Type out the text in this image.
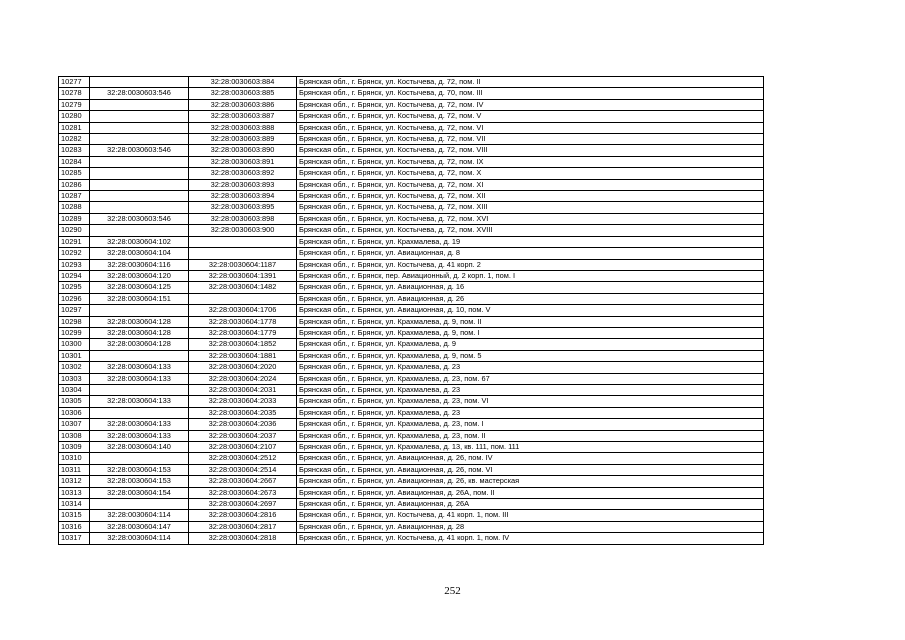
10277		32:28:0030603:884	Брянская обл., г. Брянск, ул. Костычева, д. 72, пом. II
10278	32:28:0030603:546	32:28:0030603:885	Брянская обл., г. Брянск, ул. Костычева, д. 70, пом. III
10279		32:28:0030603:886	Брянская обл., г. Брянск, ул. Костычева, д. 72, пом. IV
10280		32:28:0030603:887	Брянская обл., г. Брянск, ул. Костычева, д. 72, пом. V
10281		32:28:0030603:888	Брянская обл., г. Брянск, ул. Костычева, д. 72, пом. VI
10282		32:28:0030603:889	Брянская обл., г. Брянск, ул. Костычева, д. 72, пом. VII
10283	32:28:0030603:546	32:28:0030603:890	Брянская обл., г. Брянск, ул. Костычева, д. 72, пом. VIII
10284		32:28:0030603:891	Брянская обл., г. Брянск, ул. Костычева, д. 72, пом. IX
10285		32:28:0030603:892	Брянская обл., г. Брянск, ул. Костычева, д. 72, пом. X
10286		32:28:0030603:893	Брянская обл., г. Брянск, ул. Костычева, д. 72, пом. XI
10287		32:28:0030603:894	Брянская обл., г. Брянск, ул. Костычева, д. 72, пом. XII
10288		32:28:0030603:895	Брянская обл., г. Брянск, ул. Костычева, д. 72, пом. XIII
10289	32:28:0030603:546	32:28:0030603:898	Брянская обл., г. Брянск, ул. Костычева, д. 72, пом. XVI
10290		32:28:0030603:900	Брянская обл., г. Брянск, ул. Костычева, д. 72, пом. XVIII
10291	32:28:0030604:102		Брянская обл., г. Брянск, ул. Крахмалева, д. 19
10292	32:28:0030604:104		Брянская обл., г. Брянск, ул. Авиационная, д. 8
10293	32:28:0030604:116	32:28:0030604:1187	Брянская обл., г. Брянск, ул. Костычева, д. 41 корп. 2
10294	32:28:0030604:120	32:28:0030604:1391	Брянская обл., г. Брянск, пер. Авиационный, д. 2 корп. 1, пом. I
10295	32:28:0030604:125	32:28:0030604:1482	Брянская обл., г. Брянск, ул. Авиационная, д. 16
10296	32:28:0030604:151		Брянская обл., г. Брянск, ул. Авиационная, д. 26
10297		32:28:0030604:1706	Брянская обл., г. Брянск, ул. Авиационная, д. 10, пом. V
10298	32:28:0030604:128	32:28:0030604:1778	Брянская обл., г. Брянск, ул. Крахмалева, д. 9, пом. II
10299	32:28:0030604:128	32:28:0030604:1779	Брянская обл., г. Брянск, ул. Крахмалева, д. 9, пом. I
10300	32:28:0030604:128	32:28:0030604:1852	Брянская обл., г. Брянск, ул. Крахмалева, д. 9
10301		32:28:0030604:1881	Брянская обл., г. Брянск, ул. Крахмалева, д. 9, пом. 5
10302	32:28:0030604:133	32:28:0030604:2020	Брянская обл., г. Брянск, ул. Крахмалева, д. 23
10303	32:28:0030604:133	32:28:0030604:2024	Брянская обл., г. Брянск, ул. Крахмалева, д. 23, пом. 67
10304		32:28:0030604:2031	Брянская обл., г. Брянск, ул. Крахмалева, д. 23
10305	32:28:0030604:133	32:28:0030604:2033	Брянская обл., г. Брянск, ул. Крахмалева, д. 23, пом. VI
10306		32:28:0030604:2035	Брянская обл., г. Брянск, ул. Крахмалева, д. 23
10307	32:28:0030604:133	32:28:0030604:2036	Брянская обл., г. Брянск, ул. Крахмалева, д. 23, пом. I
10308	32:28:0030604:133	32:28:0030604:2037	Брянская обл., г. Брянск, ул. Крахмалева, д. 23, пом. II
10309	32:28:0030604:140	32:28:0030604:2107	Брянская обл., г. Брянск, ул. Крахмалева, д. 13, кв. 111, пом. 111
10310		32:28:0030604:2512	Брянская обл., г. Брянск, ул. Авиационная, д. 26, пом. IV
10311	32:28:0030604:153	32:28:0030604:2514	Брянская обл., г. Брянск, ул. Авиационная, д. 26, пом. VI
10312	32:28:0030604:153	32:28:0030604:2667	Брянская обл., г. Брянск, ул. Авиационная, д. 26, кв. мастерская
10313	32:28:0030604:154	32:28:0030604:2673	Брянская обл., г. Брянск, ул. Авиационная, д. 26А, пом. II
10314		32:28:0030604:2697	Брянская обл., г. Брянск, ул. Авиационная, д. 26А
10315	32:28:0030604:114	32:28:0030604:2816	Брянская обл., г. Брянск, ул. Костычева, д. 41 корп. 1, пом. III
10316	32:28:0030604:147	32:28:0030604:2817	Брянская обл., г. Брянск, ул. Авиационная, д. 28
10317	32:28:0030604:114	32:28:0030604:2818	Брянская обл., г. Брянск, ул. Костычева, д. 41 корп. 1, пом. IV
252
